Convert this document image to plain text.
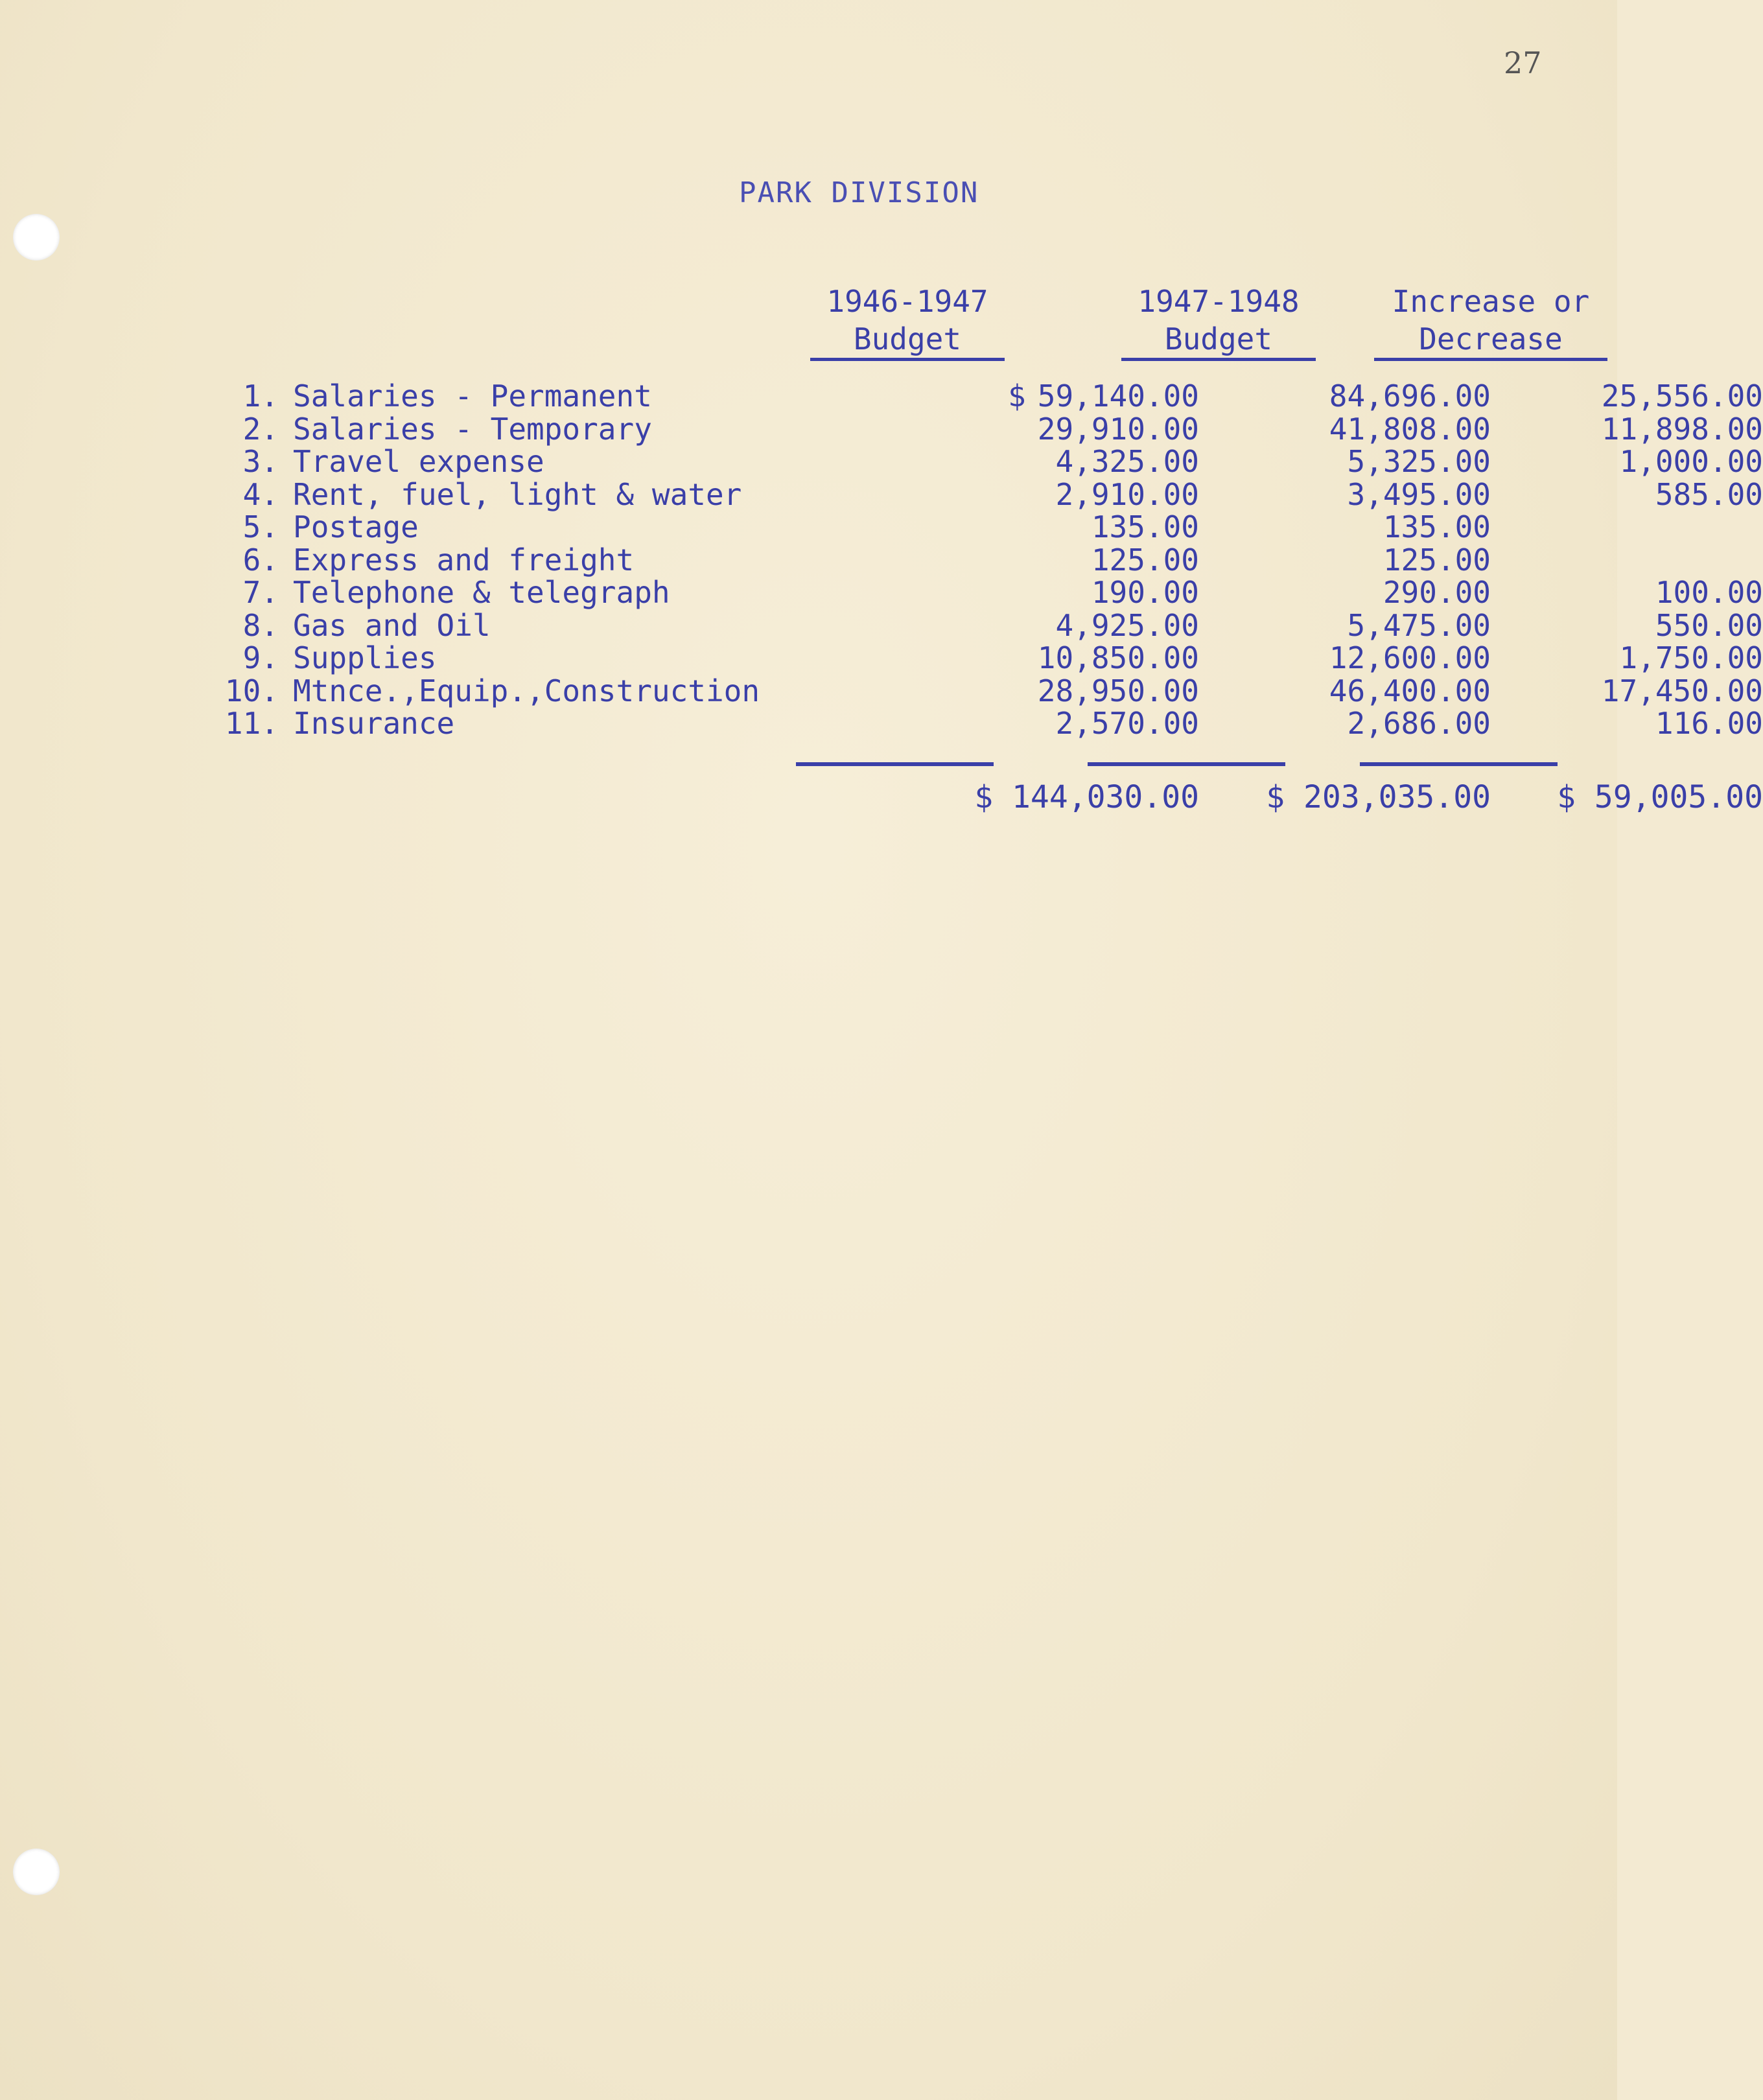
27
PARK DIVISION
1946-1947
Budget
1947-1948
Budget
Increase or
Decrease
1. Salaries - Permanent	$ 59,140.00	84,696.00	25,556.00
2. Salaries - Temporary	29,910.00	41,808.00	11,898.00
3. Travel expense	4,325.00	5,325.00	1,000.00
4. Rent, fuel, light & water	2,910.00	3,495.00	585.00
5. Postage	135.00	135.00
6. Express and freight	125.00	125.00
7. Telephone & telegraph	190.00	290.00	100.00
8. Gas and Oil	4,925.00	5,475.00	550.00
9. Supplies	10,850.00	12,600.00	1,750.00
10. Mtnce.,Equip.,Construction	28,950.00	46,400.00	17,450.00
11. Insurance	2,570.00	2,686.00	116.00
$ 144,030.00	$ 203,035.00	$ 59,005.00
